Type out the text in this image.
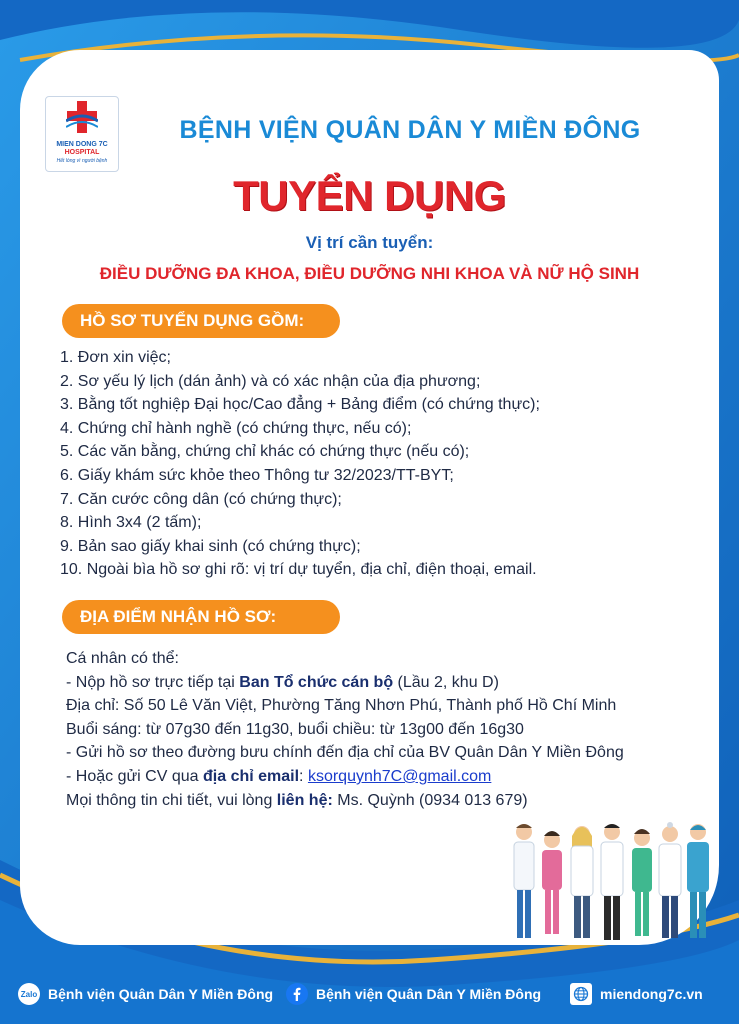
MIEN DONG 7C
HOSPITAL
Hết lòng vì người bệnh
BỆNH VIỆN QUÂN DÂN Y MIỀN ĐÔNG
TUYỂN DỤNG
Vị trí cần tuyển:
ĐIỀU DƯỠNG ĐA KHOA, ĐIỀU DƯỠNG NHI KHOA VÀ NỮ HỘ SINH
HỒ SƠ TUYỂN DỤNG GỒM:
1. Đơn xin việc;
2. Sơ yếu lý lịch (dán ảnh) và có xác nhận của địa phương;
3. Bằng tốt nghiệp Đại học/Cao đẳng + Bảng điểm (có chứng thực);
4. Chứng chỉ hành nghề (có chứng thực, nếu có);
5. Các văn bằng, chứng chỉ khác có chứng thực (nếu có);
6. Giấy khám sức khỏe theo Thông tư 32/2023/TT-BYT;
7. Căn cước công dân (có chứng thực);
8. Hình 3x4 (2 tấm);
9. Bản sao giấy khai sinh (có chứng thực);
10. Ngoài bìa hồ sơ ghi rõ: vị trí dự tuyển, địa chỉ, điện thoại, email.
ĐỊA ĐIỂM NHẬN HỒ SƠ:
Cá nhân có thể:
- Nộp hồ sơ trực tiếp tại Ban Tổ chức cán bộ (Lầu 2, khu D)
Địa chỉ: Số 50 Lê Văn Việt, Phường Tăng Nhơn Phú, Thành phố Hồ Chí Minh
Buổi sáng: từ 07g30 đến 11g30, buổi chiều: từ 13g00 đến 16g30
- Gửi hồ sơ theo đường bưu chính đến địa chỉ của BV Quân Dân Y Miền Đông
- Hoặc gửi CV qua địa chỉ email: ksorquynh7C@gmail.com
Mọi thông tin chi tiết, vui lòng liên hệ: Ms. Quỳnh (0934 013 679)
Zalo Bệnh viện Quân Dân Y Miền Đông	Bệnh viện Quân Dân Y Miền Đông	miendong7c.vn
